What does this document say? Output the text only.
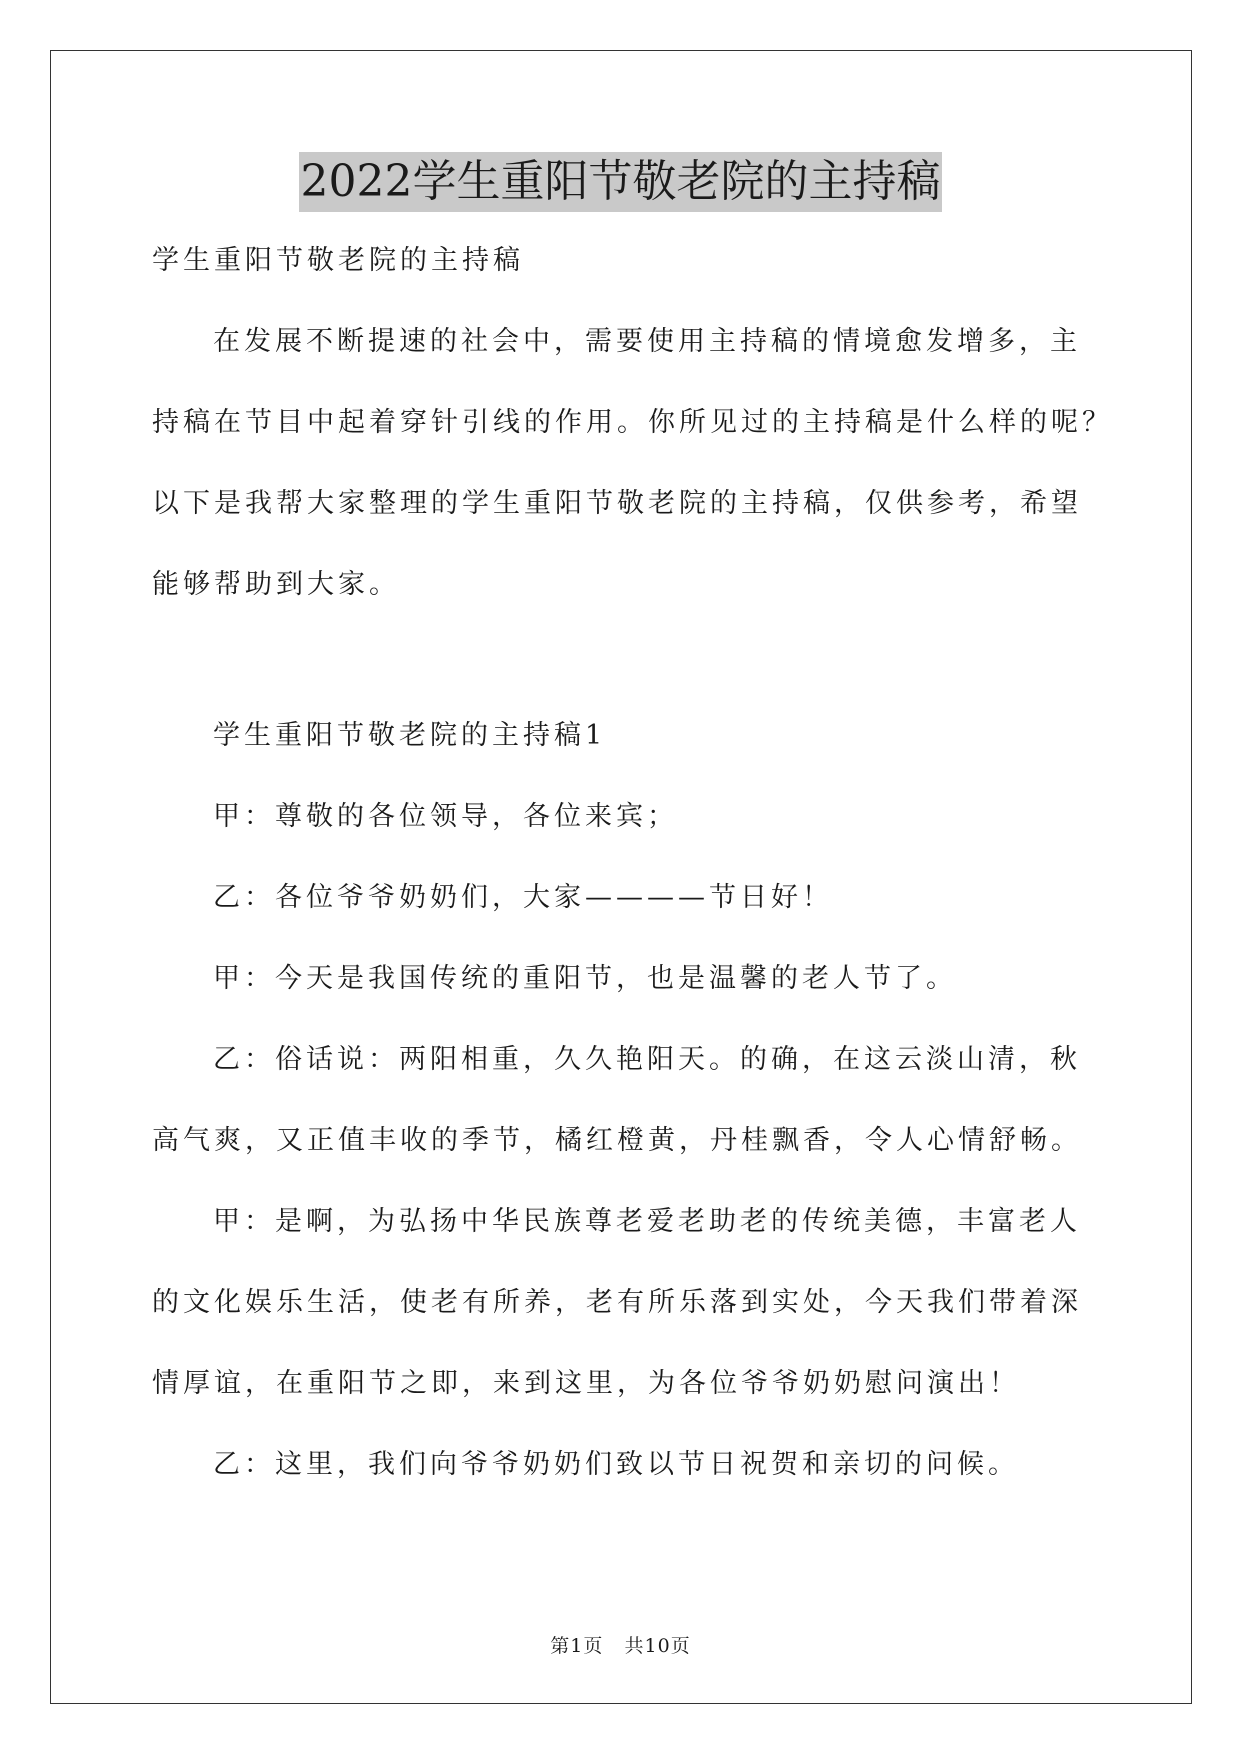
2022学生重阳节敬老院的主持稿
学生重阳节敬老院的主持稿
在发展不断提速的社会中，需要使用主持稿的情境愈发增多，主
持稿在节目中起着穿针引线的作用。你所见过的主持稿是什么样的呢？
以下是我帮大家整理的学生重阳节敬老院的主持稿，仅供参考，希望
能够帮助到大家。
学生重阳节敬老院的主持稿1
甲：尊敬的各位领导，各位来宾；
乙：各位爷爷奶奶们，大家————节日好！
甲：今天是我国传统的重阳节，也是温馨的老人节了。
乙：俗话说：两阳相重，久久艳阳天。的确，在这云淡山清，秋
高气爽，又正值丰收的季节，橘红橙黄，丹桂飘香，令人心情舒畅。
甲：是啊，为弘扬中华民族尊老爱老助老的传统美德，丰富老人
的文化娱乐生活，使老有所养，老有所乐落到实处，今天我们带着深
情厚谊，在重阳节之即，来到这里，为各位爷爷奶奶慰问演出！
乙：这里，我们向爷爷奶奶们致以节日祝贺和亲切的问候。
第1页 共10页
